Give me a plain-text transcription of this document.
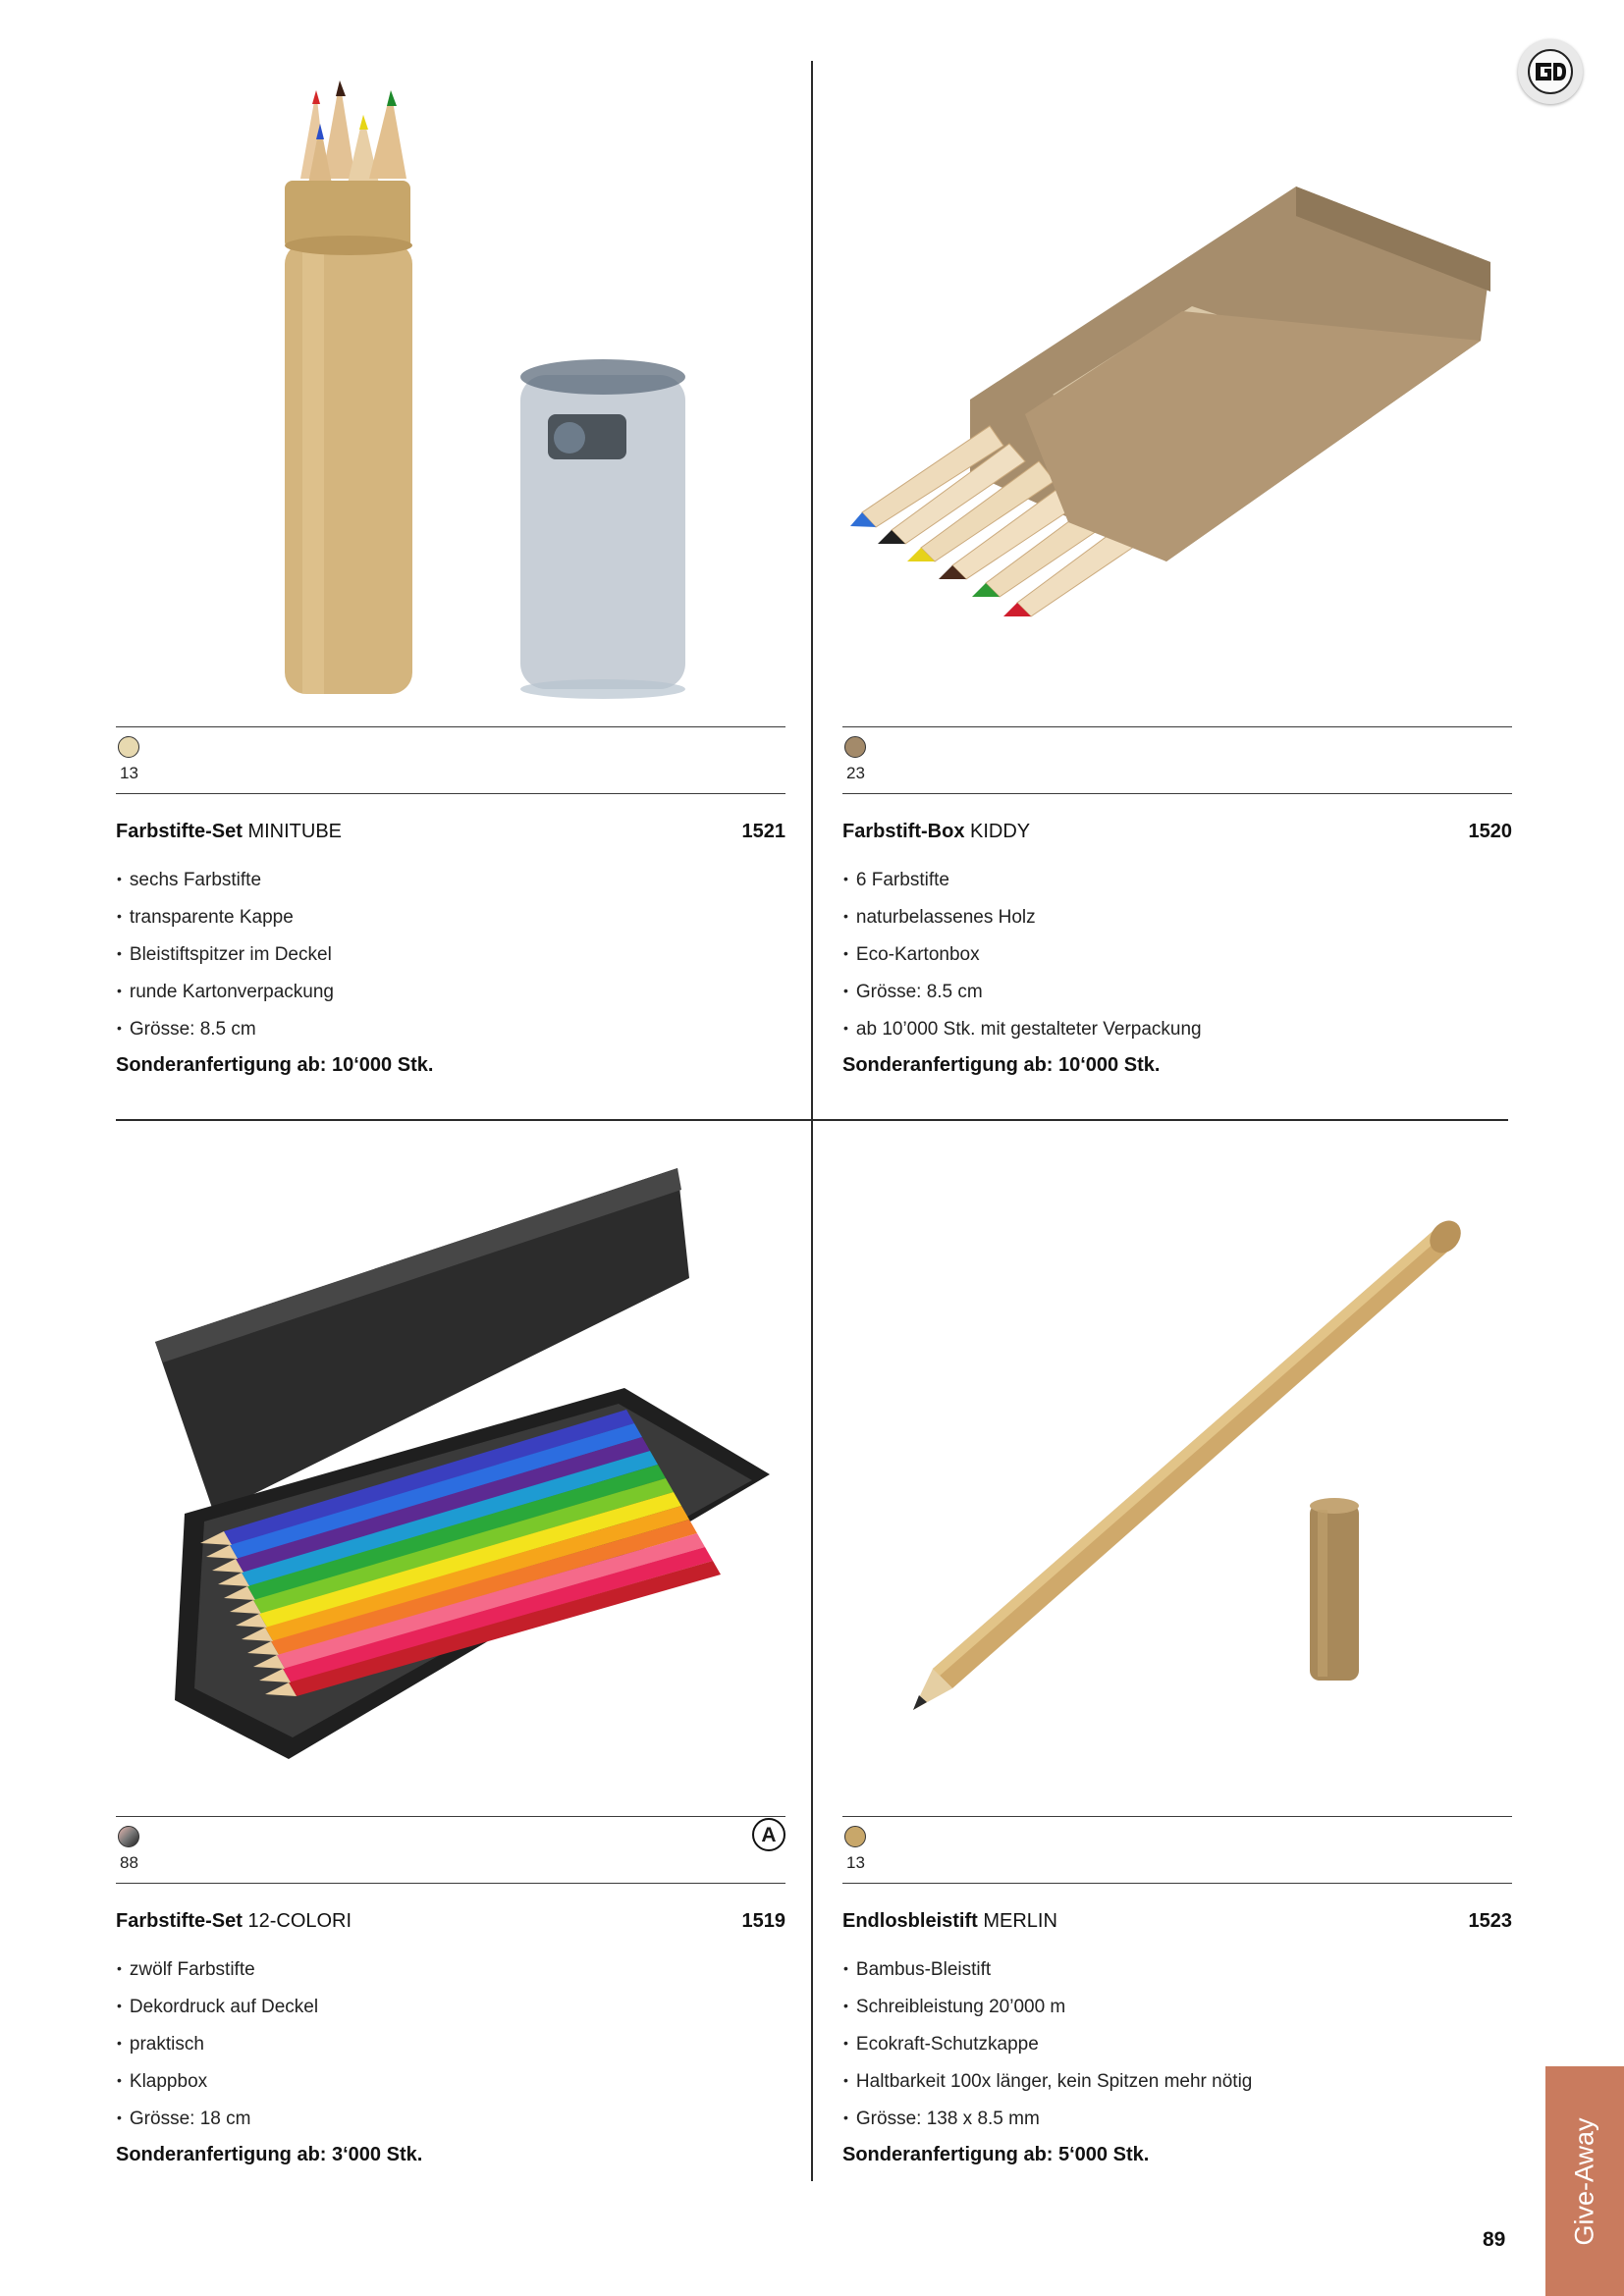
13
Farbstifte-Set MINITUBE	1521
• sechs Farbstifte
• transparente Kappe
• Bleistiftspitzer im Deckel
• runde Kartonverpackung
• Grösse: 8.5 cm
Sonderanfertigung ab: 10‘000 Stk.
23
Farbstift-Box KIDDY	1520
• 6 Farbstifte
• naturbelassenes Holz
• Eco-Kartonbox
• Grösse: 8.5 cm
• ab 10’000 Stk. mit gestalteter Verpackung
Sonderanfertigung ab: 10‘000 Stk.
88
A
Farbstifte-Set 12-COLORI	1519
• zwölf Farbstifte
• Dekordruck auf Deckel
• praktisch
• Klappbox
• Grösse: 18 cm
Sonderanfertigung ab: 3‘000 Stk.
13
Endlosbleistift MERLIN	1523
• Bambus-Bleistift
• Schreibleistung 20’000 m
• Ecokraft-Schutzkappe
• Haltbarkeit 100x länger, kein Spitzen mehr nötig
• Grösse: 138 x 8.5 mm
Sonderanfertigung ab: 5‘000 Stk.	Give-Away
89
